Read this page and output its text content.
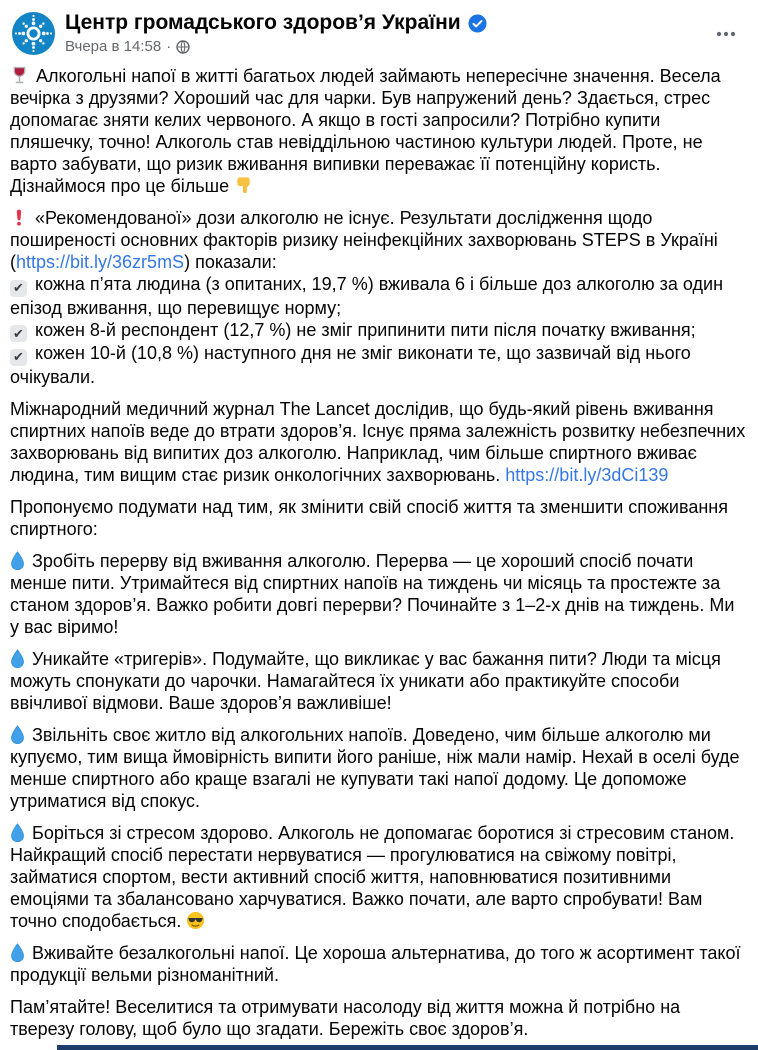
Центр громадського здоров’я України
Вчера в 14:58 ·

Алкогольні напої в житті багатьох людей займають непересічне значення. Весела вечірка з друзями? Хороший час для чарки. Був напружений день? Здається, стрес допомагає зняти келих червоного. А якщо в гості запросили? Потрібно купити пляшечку, точно! Алкоголь став невіддільною частиною культури людей. Проте, не варто забувати, що ризик вживання випивки переважає її потенційну користь. Дізнаймося про це більше

«Рекомендованої» дози алкоголю не існує. Результати дослідження щодо поширеності основних факторів ризику неінфекційних захворювань STEPS в Україні (https://bit.ly/36zr5mS) показали:
✔кожна п’ята людина (з опитаних, 19,7 %) вживала 6 і більше доз алкоголю за один епізод вживання, що перевищує норму;
✔кожен 8-й респондент (12,7 %) не зміг припинити пити після початку вживання;
✔кожен 10-й (10,8 %) наступного дня не зміг виконати те, що зазвичай від нього очікували.

Міжнародний медичний журнал The Lancet дослідив, що будь-який рівень вживання спиртних напоїв веде до втрати здоров’я. Існує пряма залежність розвитку небезпечних захворювань від випитих доз алкоголю. Наприклад, чим більше спиртного вживає людина, тим вищим стає ризик онкологічних захворювань. https://bit.ly/3dCi139

Пропонуємо подумати над тим, як змінити свій спосіб життя та зменшити споживання спиртного:

Зробіть перерву від вживання алкоголю. Перерва — це хороший спосіб почати менше пити. Утримайтеся від спиртних напоїв на тиждень чи місяць та простежте за станом здоров’я. Важко робити довгі перерви? Починайте з 1–2-х днів на тиждень. Ми у вас віримо!

Уникайте «тригерів». Подумайте, що викликає у вас бажання пити? Люди та місця можуть спонукати до чарочки. Намагайтеся їх уникати або практикуйте способи ввічливої відмови. Ваше здоров’я важливіше!

Звільніть своє житло від алкогольних напоїв. Доведено, чим більше алкоголю ми купуємо, тим вища ймовірність випити його раніше, ніж мали намір. Нехай в оселі буде менше спиртного або краще взагалі не купувати такі напої додому. Це допоможе утриматися від спокус.

Боріться зі стресом здорово. Алкоголь не допомагає боротися зі стресовим станом. Найкращий спосіб перестати нервуватися — прогулюватися на свіжому повітрі, займатися спортом, вести активний спосіб життя, наповнюватися позитивними емоціями та збалансовано харчуватися. Важко почати, але варто спробувати! Вам точно сподобається.

Вживайте безалкогольні напої. Це хороша альтернатива, до того ж асортимент такої продукції вельми різноманітний.

Пам’ятайте! Веселитися та отримувати насолоду від життя можна й потрібно на тверезу голову, щоб було що згадати. Бережіть своє здоров’я.
